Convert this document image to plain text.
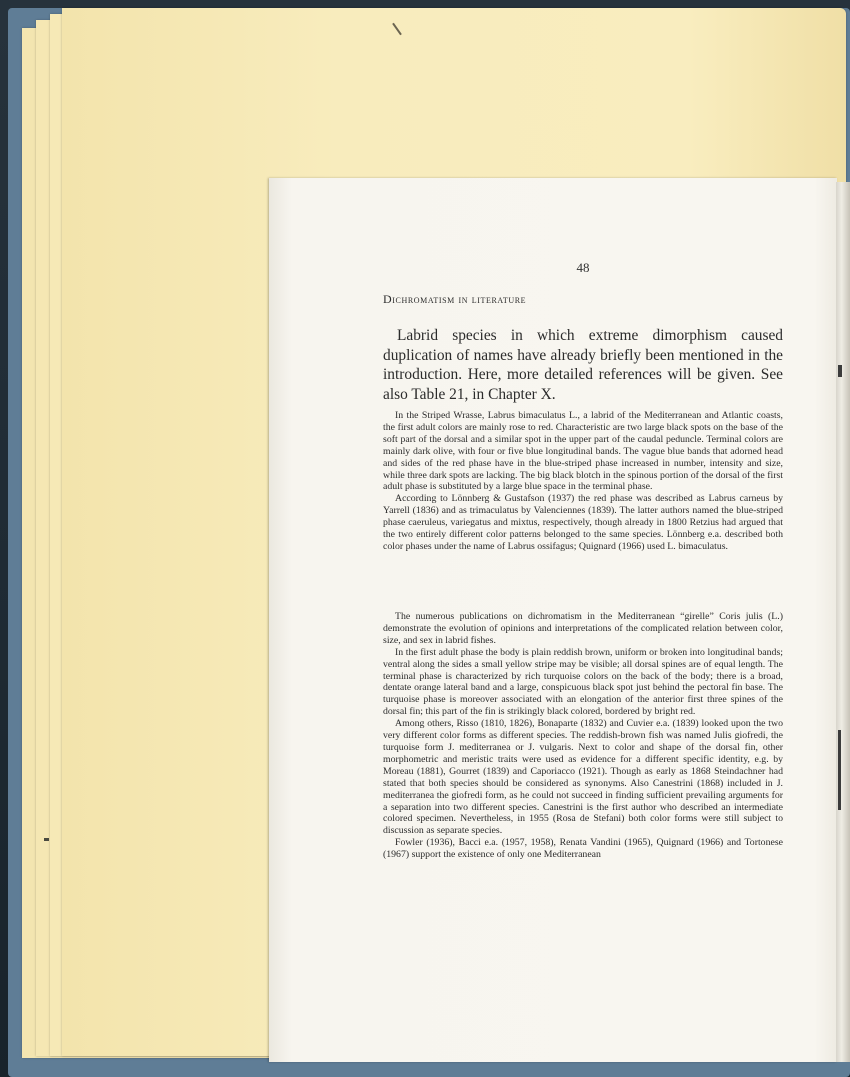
48
Dichromatism in literature
Labrid species in which extreme dimorphism caused duplication of names have already briefly been mentioned in the introduction. Here, more detailed references will be given. See also Table 21, in Chapter X.

In the Striped Wrasse, Labrus bimaculatus L., a labrid of the Mediterranean and Atlantic coasts, the first adult colors are mainly rose to red. Characteristic are two large black spots on the base of the soft part of the dorsal and a similar spot in the upper part of the caudal peduncle. Terminal colors are mainly dark olive, with four or five blue longitudinal bands. The vague blue bands that adorned head and sides of the red phase have in the blue-striped phase increased in number, intensity and size, while three dark spots are lacking. The big black blotch in the spinous portion of the dorsal of the first adult phase is substituted by a large blue space in the terminal phase.

According to Lönnberg & Gustafson (1937) the red phase was described as Labrus carneus by Yarrell (1836) and as trimaculatus by Valenciennes (1839). The latter authors named the blue-striped phase caeruleus, variegatus and mixtus, respectively, though already in 1800 Retzius had argued that the two entirely different color patterns belonged to the same species. Lönnberg e.a. described both color phases under the name of Labrus ossifagus; Quignard (1966) used L. bimaculatus.

The numerous publications on dichromatism in the Mediterranean “girelle” Coris julis (L.) demonstrate the evolution of opinions and interpretations of the complicated relation between color, size, and sex in labrid fishes.

In the first adult phase the body is plain reddish brown, uniform or broken into longitudinal bands; ventral along the sides a small yellow stripe may be visible; all dorsal spines are of equal length. The terminal phase is characterized by rich turquoise colors on the back of the body; there is a broad, dentate orange lateral band and a large, conspicuous black spot just behind the pectoral fin base. The turquoise phase is moreover associated with an elongation of the anterior first three spines of the dorsal fin; this part of the fin is strikingly black colored, bordered by bright red.

Among others, Risso (1810, 1826), Bonaparte (1832) and Cuvier e.a. (1839) looked upon the two very different color forms as different species. The reddish-brown fish was named Julis giofredi, the turquoise form J. mediterranea or J. vulgaris. Next to color and shape of the dorsal fin, other morphometric and meristic traits were used as evidence for a different specific identity, e.g. by Moreau (1881), Gourret (1839) and Caporiacco (1921). Though as early as 1868 Steindachner had stated that both species should be considered as synonyms. Also Canestrini (1868) included in J. mediterranea the giofredi form, as he could not succeed in finding sufficient prevailing arguments for a separation into two different species. Canestrini is the first author who described an intermediate colored specimen. Nevertheless, in 1955 (Rosa de Stefani) both color forms were still subject to discussion as separate species.

Fowler (1936), Bacci e.a. (1957, 1958), Renata Vandini (1965), Quignard (1966) and Tortonese (1967) support the existence of only one Mediterranean
